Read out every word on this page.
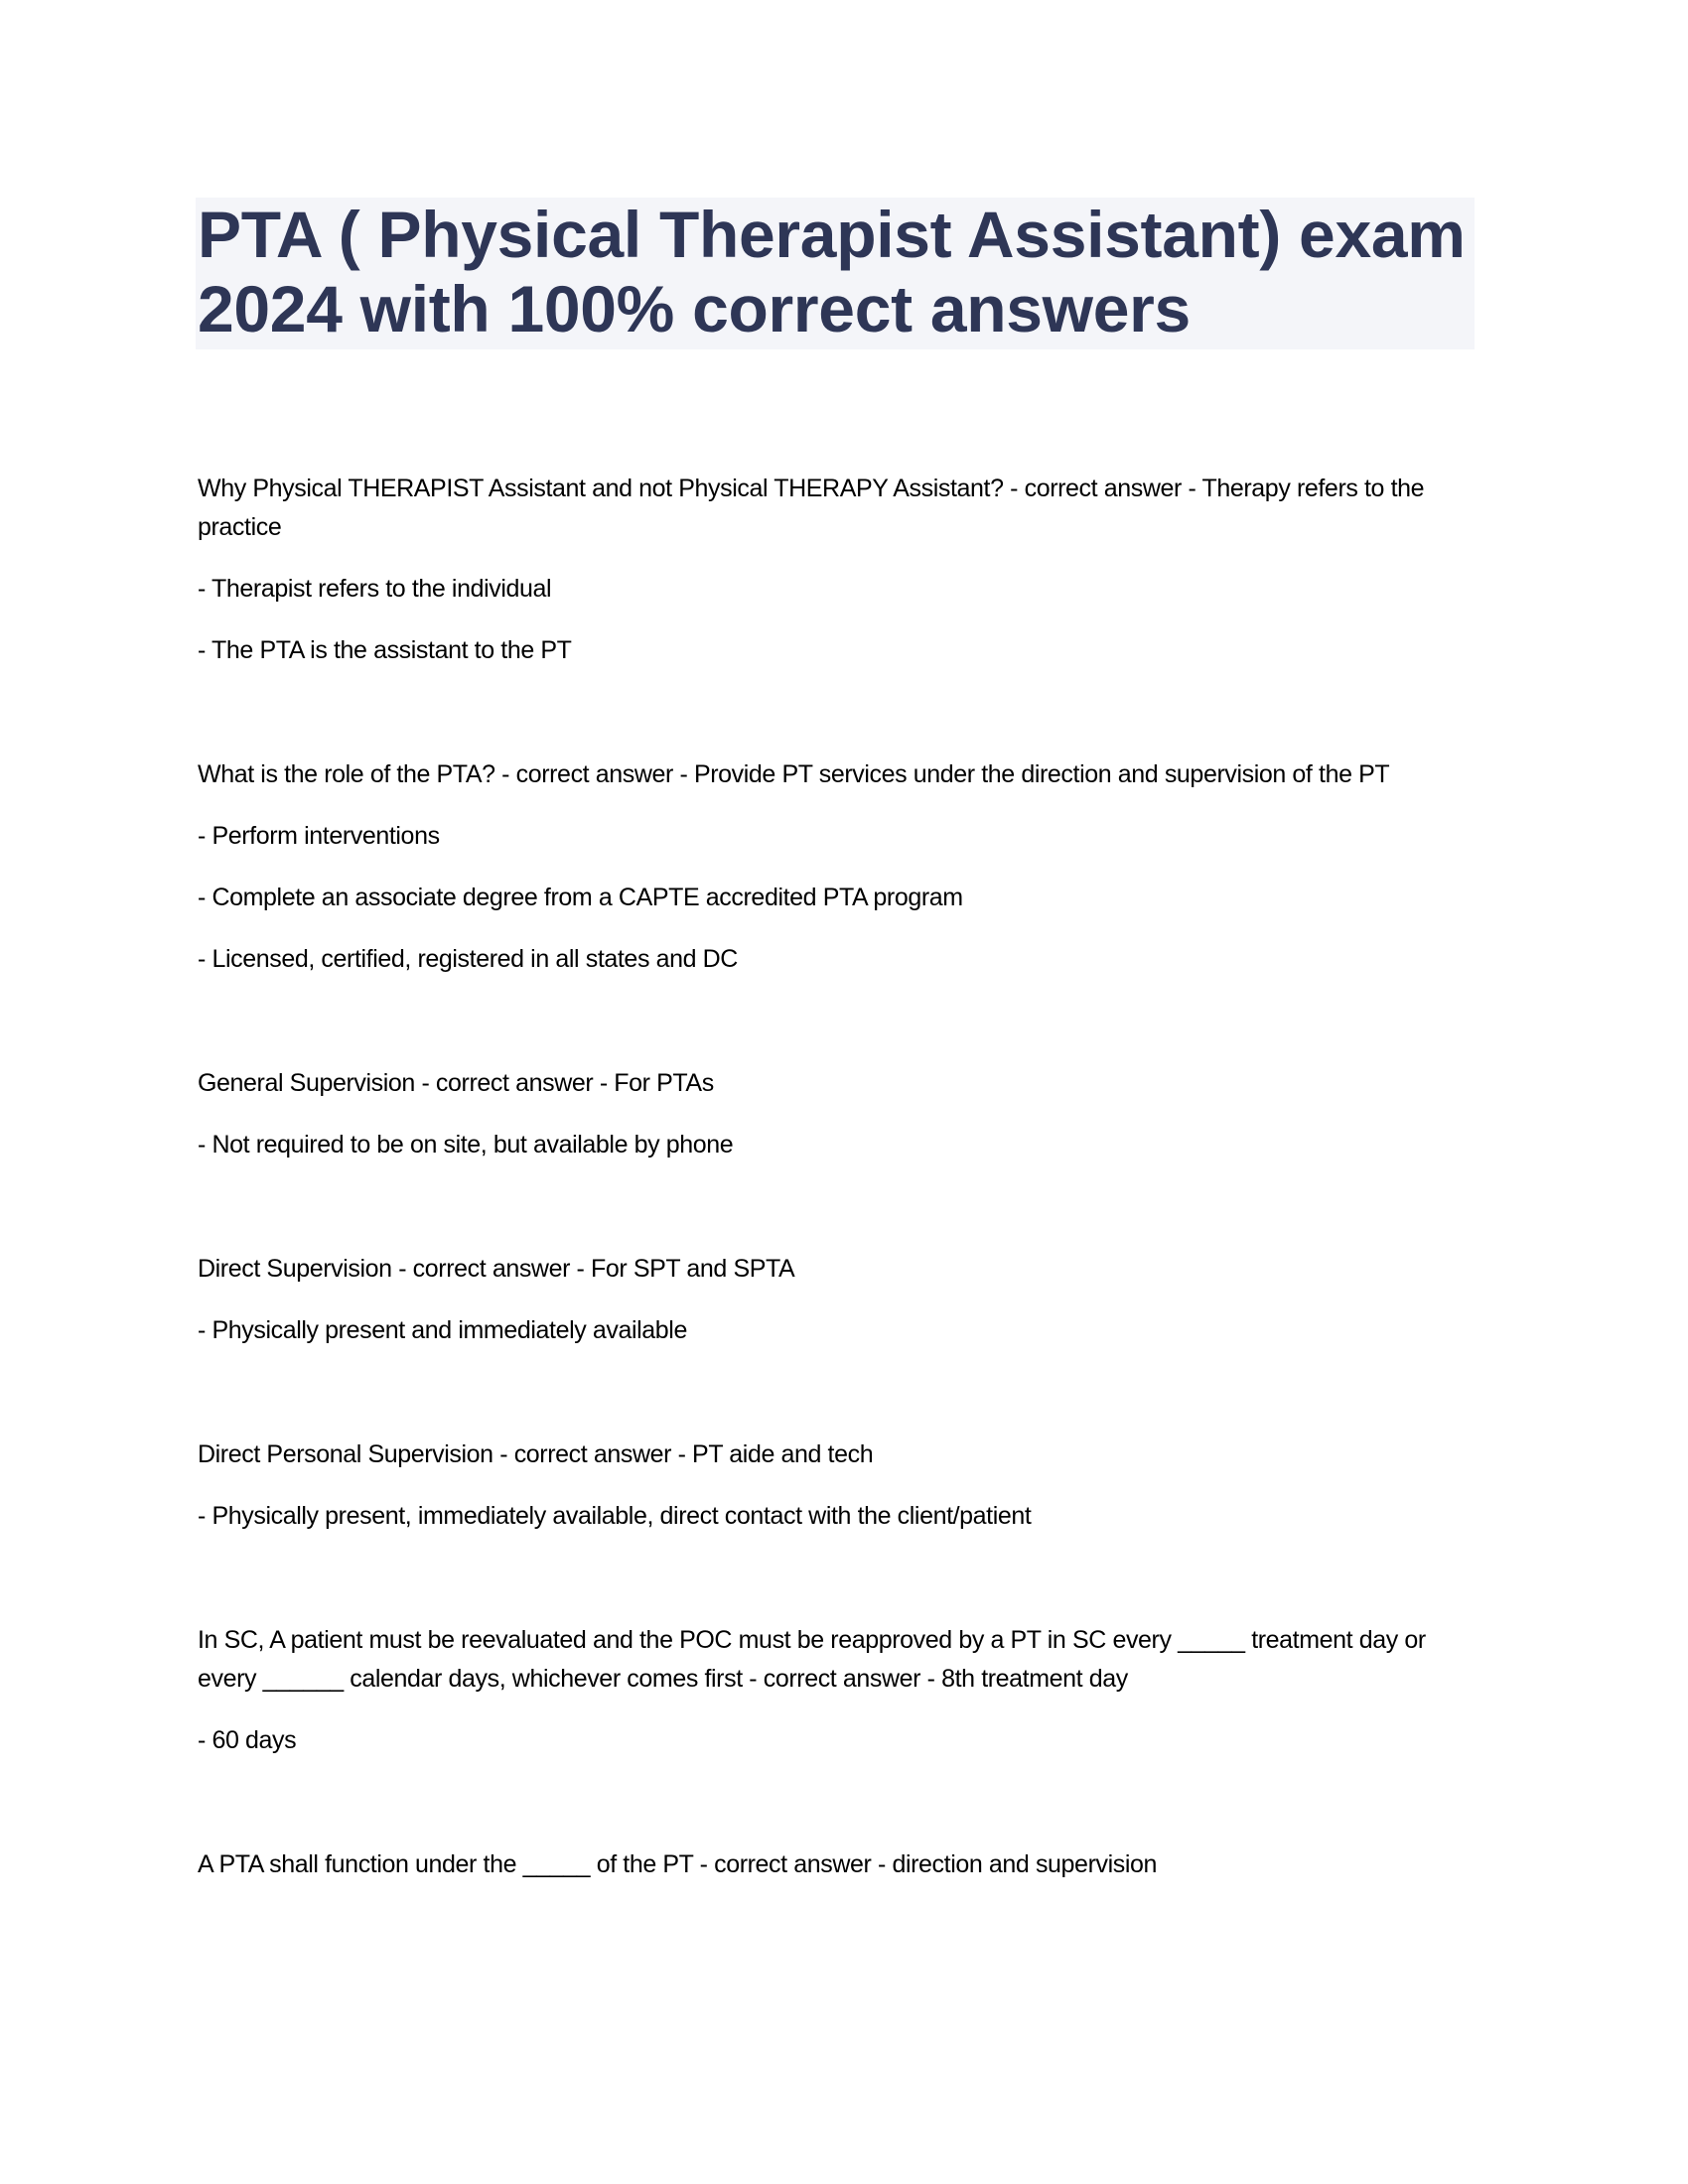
PTA ( Physical Therapist Assistant) exam 2024 with 100% correct answers

Why Physical THERAPIST Assistant and not Physical THERAPY Assistant? - correct answer - Therapy refers to the practice

- Therapist refers to the individual

- The PTA is the assistant to the PT

What is the role of the PTA? - correct answer - Provide PT services under the direction and supervision of the PT

- Perform interventions

- Complete an associate degree from a CAPTE accredited PTA program

- Licensed, certified, registered in all states and DC

General Supervision - correct answer - For PTAs

- Not required to be on site, but available by phone

Direct Supervision - correct answer - For SPT and SPTA

- Physically present and immediately available

Direct Personal Supervision - correct answer - PT aide and tech

- Physically present, immediately available, direct contact with the client/patient

In SC, A patient must be reevaluated and the POC must be reapproved by a PT in SC every _____ treatment day or every ______ calendar days, whichever comes first - correct answer - 8th treatment day

- 60 days

A PTA shall function under the _____ of the PT - correct answer - direction and supervision
